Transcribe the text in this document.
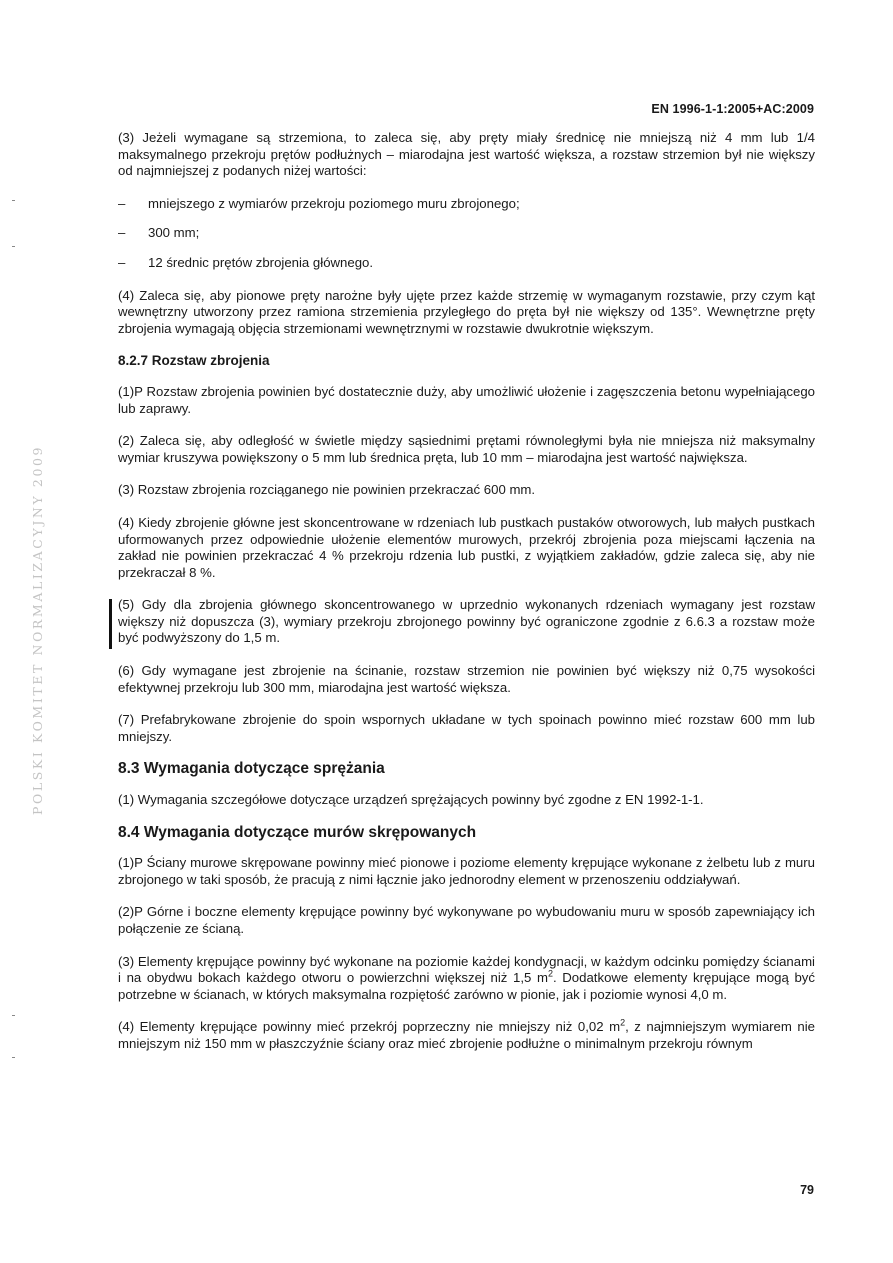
POLSKI KOMITET NORMALIZACYJNY 2009
EN 1996-1-1:2005+AC:2009

(3) Jeżeli wymagane są strzemiona, to zaleca się, aby pręty miały średnicę nie mniejszą niż 4 mm lub 1/4 maksymalnego przekroju prętów podłużnych – miarodajna jest wartość większa, a rozstaw strzemion był nie większy od najmniejszej z podanych niżej wartości:

– mniejszego z wymiarów przekroju poziomego muru zbrojonego;
– 300 mm;
– 12 średnic prętów zbrojenia głównego.

(4) Zaleca się, aby pionowe pręty narożne były ujęte przez każde strzemię w wymaganym rozstawie, przy czym kąt wewnętrzny utworzony przez ramiona strzemienia przyległego do pręta był nie większy od 135°. Wewnętrzne pręty zbrojenia wymagają objęcia strzemionami wewnętrznymi w rozstawie dwukrotnie większym.

8.2.7 Rozstaw zbrojenia

(1)P Rozstaw zbrojenia powinien być dostatecznie duży, aby umożliwić ułożenie i zagęszczenia betonu wypełniającego lub zaprawy.

(2) Zaleca się, aby odległość w świetle między sąsiednimi prętami równoległymi była nie mniejsza niż maksymalny wymiar kruszywa powiększony o 5 mm lub średnica pręta, lub 10 mm – miarodajna jest wartość największa.

(3) Rozstaw zbrojenia rozciąganego nie powinien przekraczać 600 mm.

(4) Kiedy zbrojenie główne jest skoncentrowane w rdzeniach lub pustkach pustaków otworowych, lub małych pustkach uformowanych przez odpowiednie ułożenie elementów murowych, przekrój zbrojenia poza miejscami łączenia na zakład nie powinien przekraczać 4 % przekroju rdzenia lub pustki, z wyjątkiem zakładów, gdzie zaleca się, aby nie przekraczał 8 %.

(5) Gdy dla zbrojenia głównego skoncentrowanego w uprzednio wykonanych rdzeniach wymagany jest rozstaw większy niż dopuszcza (3), wymiary przekroju zbrojonego powinny być ograniczone zgodnie z 6.6.3 a rozstaw może być podwyższony do 1,5 m.

(6) Gdy wymagane jest zbrojenie na ścinanie, rozstaw strzemion nie powinien być większy niż 0,75 wysokości efektywnej przekroju lub 300 mm, miarodajna jest wartość większa.

(7) Prefabrykowane zbrojenie do spoin wspornych układane w tych spoinach powinno mieć rozstaw 600 mm lub mniejszy.

8.3 Wymagania dotyczące sprężania

(1) Wymagania szczegółowe dotyczące urządzeń sprężających powinny być zgodne z EN 1992-1-1.

8.4 Wymagania dotyczące murów skrępowanych

(1)P Ściany murowe skrępowane powinny mieć pionowe i poziome elementy krępujące wykonane z żelbetu lub z muru zbrojonego w taki sposób, że pracują z nimi łącznie jako jednorodny element w przenoszeniu oddziaływań.

(2)P Górne i boczne elementy krępujące powinny być wykonywane po wybudowaniu muru w sposób zapewniający ich połączenie ze ścianą.

(3) Elementy krępujące powinny być wykonane na poziomie każdej kondygnacji, w każdym odcinku pomiędzy ścianami i na obydwu bokach każdego otworu o powierzchni większej niż 1,5 $m^2$. Dodatkowe elementy krępujące mogą być potrzebne w ścianach, w których maksymalna rozpiętość zarówno w pionie, jak i poziomie wynosi 4,0 m.

(4) Elementy krępujące powinny mieć przekrój poprzeczny nie mniejszy niż 0,02 $m^2$, z najmniejszym wymiarem nie mniejszym niż 150 mm w płaszczyźnie ściany oraz mieć zbrojenie podłużne o minimalnym przekroju równym

79
